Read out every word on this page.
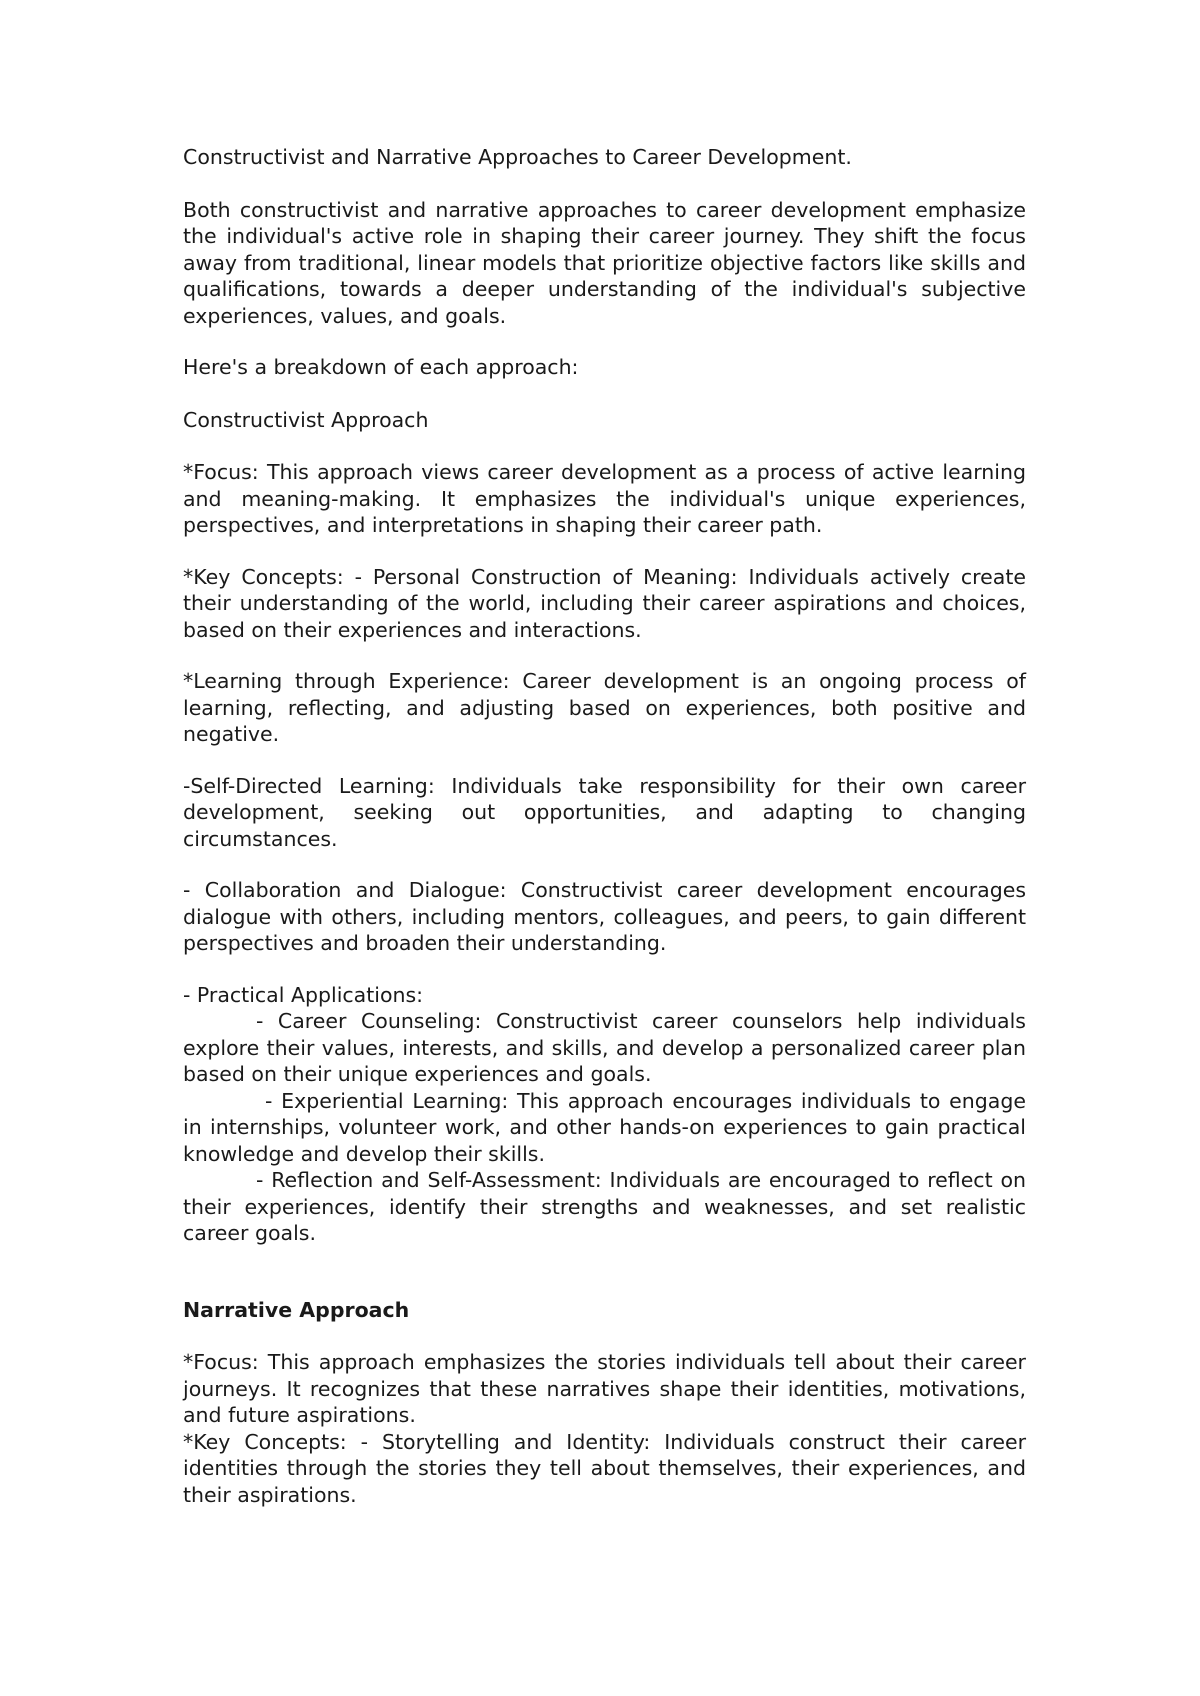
Constructivist and Narrative Approaches to Career Development.

Both constructivist and narrative approaches to career development emphasize the individual's active role in shaping their career journey. They shift the focus away from traditional, linear models that prioritize objective factors like skills and qualifications, towards a deeper understanding of the individual's subjective experiences, values, and goals.

Here's a breakdown of each approach:

Constructivist Approach

*Focus: This approach views career development as a process of active learning and meaning-making. It emphasizes the individual's unique experiences, perspectives, and interpretations in shaping their career path.

*Key Concepts: - Personal Construction of Meaning: Individuals actively create their understanding of the world, including their career aspirations and choices, based on their experiences and interactions.

*Learning through Experience: Career development is an ongoing process of learning, reflecting, and adjusting based on experiences, both positive and negative.

-Self-Directed Learning: Individuals take responsibility for their own career development, seeking out opportunities, and adapting to changing circumstances.

- Collaboration and Dialogue: Constructivist career development encourages dialogue with others, including mentors, colleagues, and peers, to gain different perspectives and broaden their understanding.

- Practical Applications:

- Career Counseling: Constructivist career counselors help individuals explore their values, interests, and skills, and develop a personalized career plan based on their unique experiences and goals.

- Experiential Learning: This approach encourages individuals to engage in internships, volunteer work, and other hands-on experiences to gain practical knowledge and develop their skills.

- Reflection and Self-Assessment: Individuals are encouraged to reflect on their experiences, identify their strengths and weaknesses, and set realistic career goals.

Narrative Approach

*Focus: This approach emphasizes the stories individuals tell about their career journeys. It recognizes that these narratives shape their identities, motivations, and future aspirations.

*Key Concepts: - Storytelling and Identity: Individuals construct their career identities through the stories they tell about themselves, their experiences, and their aspirations.
